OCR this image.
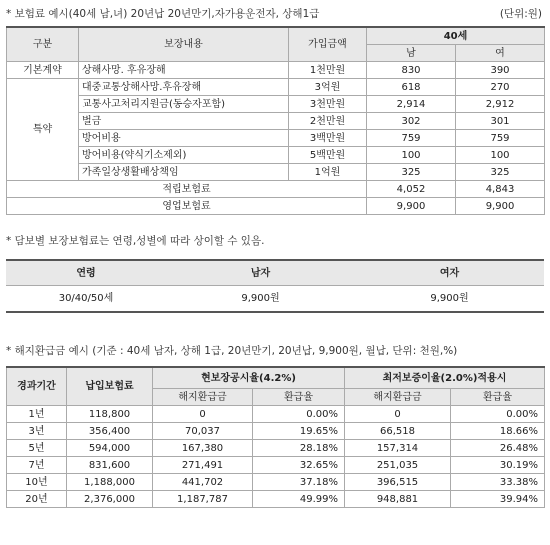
* 보험료 예시(40세 남,녀) 20년납 20년만기,자가용운전자, 상해1급	(단위:원)
구분	보장내용	가입금액	40세	
			남	여
기본계약	상해사망. 후유장해	1천만원	830	390
특약	대중교통상해사망.후유장해	3억원	618	270
	교통사고처리지원금(동승자포함)	3천만원	2,914	2,912
	벌금	2천만원	302	301
	방어비용	3백만원	759	759
	방어비용(약식기소제외)	5백만원	100	100
	가족일상생활배상책임	1억원	325	325
적립보험료			4,052	4,843
영업보험료			9,900	9,900
* 담보별 보장보험료는 연령,성별에 따라 상이할 수 있음.
연령	남자	여자
30/40/50세	9,900원	9,900원
* 해지환급금 예시 (기준 : 40세 남자, 상해 1급, 20년만기, 20년납, 9,900원, 월납, 단위: 천원,%)
경과기간	납입보험료	현보장공시율(4.2%)		최저보증이율(2.0%)적용시	
		해지환급금	환급율	해지환급금	환급율
1년	118,800	0	0.00%	0	0.00%
3년	356,400	70,037	19.65%	66,518	18.66%
5년	594,000	167,380	28.18%	157,314	26.48%
7년	831,600	271,491	32.65%	251,035	30.19%
10년	1,188,000	441,702	37.18%	396,515	33.38%
20년	2,376,000	1,187,787	49.99%	948,881	39.94%
